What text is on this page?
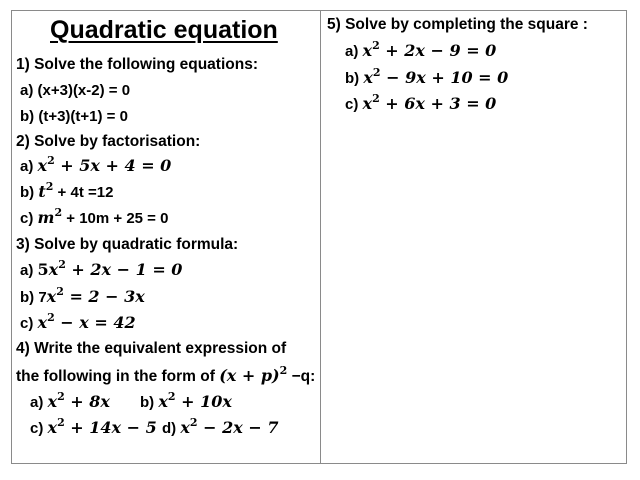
Quadratic equation
1) Solve the following equations:
a) (x+3)(x-2) = 0
b) (t+3)(t+1) = 0
2) Solve by factorisation:
a) $x^2 + 5x + 4 = 0$
b) $t^2 + 4t =12$
c) $m^2 + 10m + 25 = 0$
3) Solve by quadratic formula:
a) $5x^2 + 2x - 1 = 0$
b) $7x^2 = 2 - 3x$
c) $x^2 - x = 42$
4) Write the equivalent expression of
the following in the form of $(x + p)^2 -q$:
a) $x^2 + 8x$ b) $x^2 + 10x$
c) $x^2 + 14x - 5$ d) $x^2 - 2x - 7$
5) Solve by completing the square :
a) $x^2 + 2x - 9 = 0$
b) $x^2 - 9x + 10 = 0$
c) $x^2 + 6x + 3 = 0$
